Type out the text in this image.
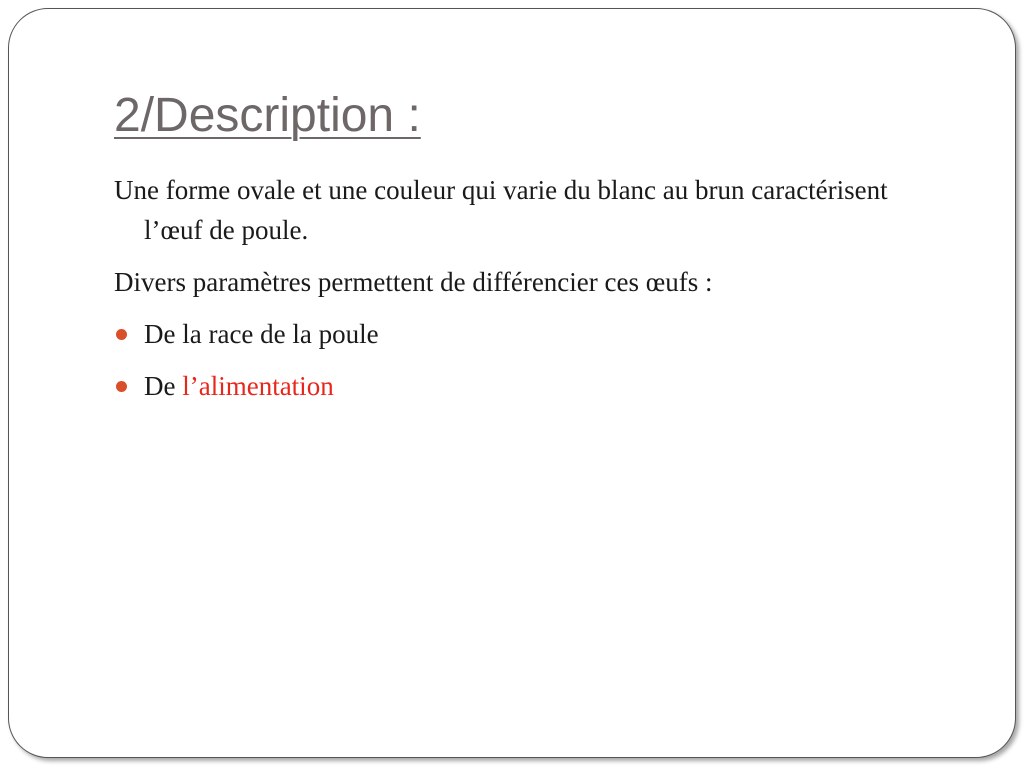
2/Description :

Une forme ovale et une couleur qui varie du blanc au brun caractérisent l’œuf de poule.

Divers paramètres permettent de différencier ces œufs :

De la race de la poule
De l’alimentation
